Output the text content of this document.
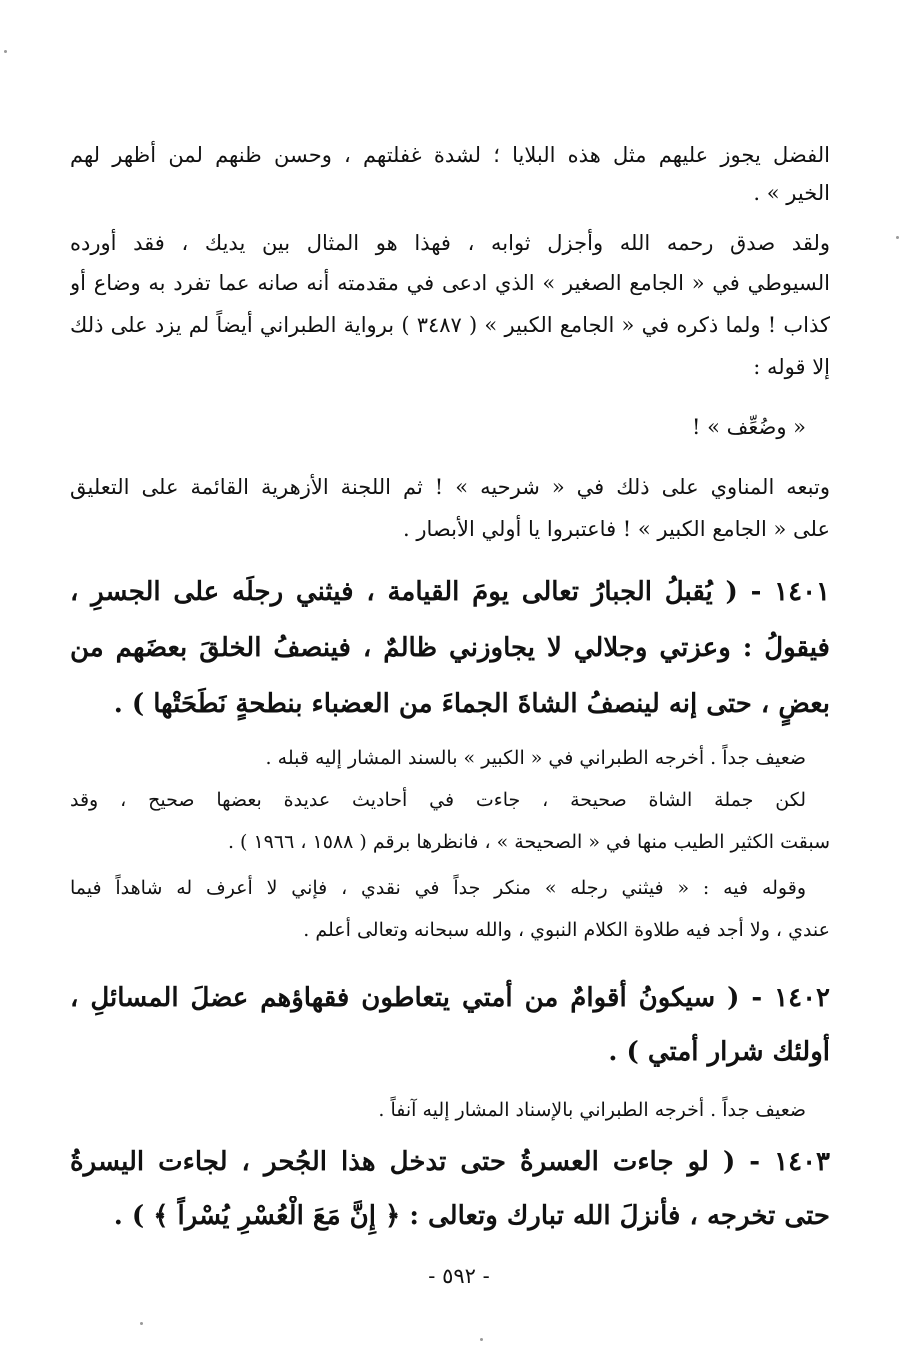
الفضل يجوز عليهم مثل هذه البلايا ؛ لشدة غفلتهم ، وحسن ظنهم لمن أظهر لهم
الخير » .
ولقد صدق رحمه الله وأجزل ثوابه ، فهذا هو المثال بين يديك ، فقد أورده
السيوطي في « الجامع الصغير » الذي ادعى في مقدمته أنه صانه عما تفرد به وضاع أو
كذاب ! ولما ذكره في « الجامع الكبير » ( ٣٤٨٧ ) برواية الطبراني أيضاً لم يزد على ذلك
إلا قوله :
« وضُعِّف » !
وتبعه المناوي على ذلك في « شرحيه » ! ثم اللجنة الأزهرية القائمة على التعليق
على « الجامع الكبير » ! فاعتبروا يا أولي الأبصار .
١٤٠١ - ( يُقبلُ الجبارُ تعالى يومَ القيامة ، فيثني رجلَه على الجسرِ ،
فيقولُ : وعزتي وجلالي لا يجاوزني ظالمٌ ، فينصفُ الخلقَ بعضَهم من
بعضٍ ، حتى إنه لينصفُ الشاةَ الجماءَ من العضباء بنطحةٍ نَطَحَتْها ) .
ضعيف جداً . أخرجه الطبراني في « الكبير » بالسند المشار إليه قبله .
لكن جملة الشاة صحيحة ، جاءت في أحاديث عديدة بعضها صحيح ، وقد
سبقت الكثير الطيب منها في « الصحيحة » ، فانظرها برقم ( ١٥٨٨ ، ١٩٦٦ ) .
وقوله فيه : « فيثني رجله » منكر جداً في نقدي ، فإني لا أعرف له شاهداً فيما
عندي ، ولا أجد فيه طلاوة الكلام النبوي ، والله سبحانه وتعالى أعلم .
١٤٠٢ - ( سيكونُ أقوامٌ من أمتي يتعاطون فقهاؤهم عضلَ المسائلِ ،
أولئك شرار أمتي ) .
ضعيف جداً . أخرجه الطبراني بالإسناد المشار إليه آنفاً .
١٤٠٣ - ( لو جاءت العسرةُ حتى تدخل هذا الجُحر ، لجاءت اليسرةُ
حتى تخرجه ، فأنزلَ الله تبارك وتعالى : ﴿ إِنَّ مَعَ الْعُسْرِ يُسْراً ﴾ ) .
- ٥٩٢ -
